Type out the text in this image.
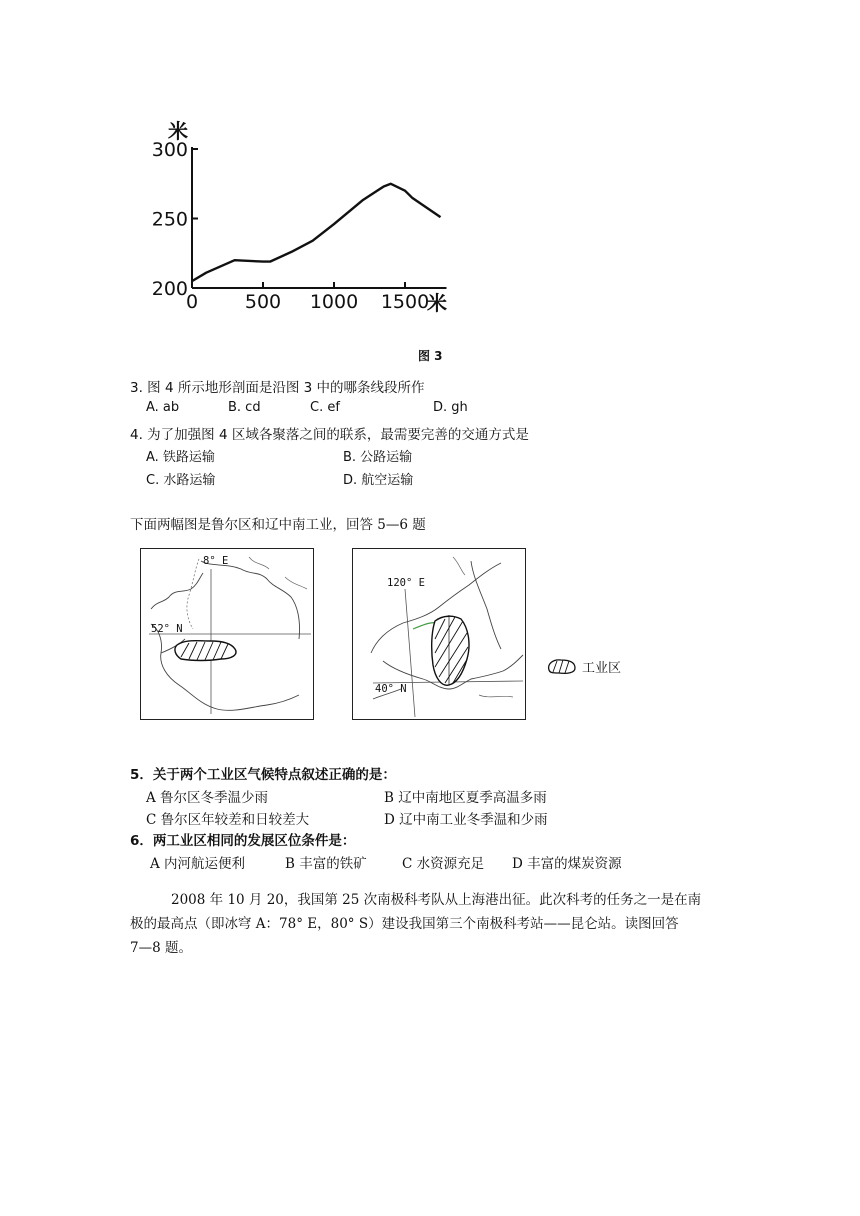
200
250
300
0 500 1000 1500
米
米
图 3
3. 图 4 所示地形剖面是沿图 3 中的哪条线段所作
A. ab	B. cd	C. ef	D. gh
4. 为了加强图 4 区域各聚落之间的联系，最需要完善的交通方式是
A. 铁路运输	B. 公路运输
C. 水路运输	D. 航空运输
下面两幅图是鲁尔区和辽中南工业，回答 5—6 题
8° E
52° N
120° E
40° N
工业区
5．关于两个工业区气候特点叙述正确的是：
A 鲁尔区冬季温少雨	B 辽中南地区夏季高温多雨
C 鲁尔区年较差和日较差大	D 辽中南工业冬季温和少雨
6．两工业区相同的发展区位条件是：
A 内河航运便利	B 丰富的铁矿	C 水资源充足 D 丰富的煤炭资源
2008 年 10 月 20，我国第 25 次南极科考队从上海港出征。此次科考的任务之一是在南
极的最高点（即冰穹 A：78° E，80° S）建设我国第三个南极科考站——昆仑站。读图回答
7—8 题。
